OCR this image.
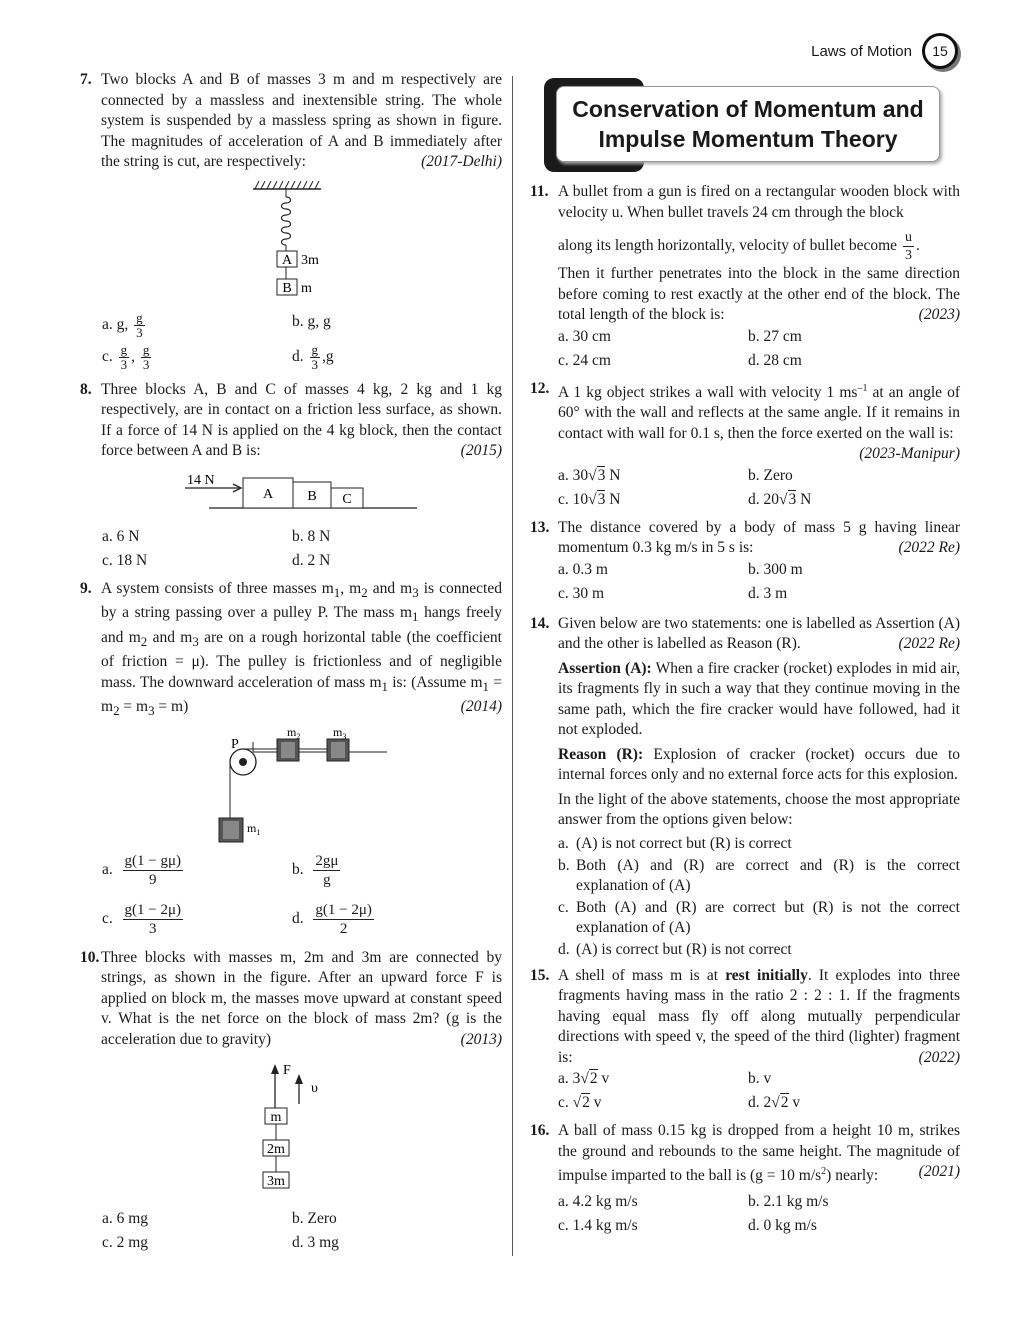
Laws of Motion	15
7. Two blocks A and B of masses 3 m and m respectively are connected by a massless and inextensible string. The whole system is suspended by a massless spring as shown in figure. The magnitudes of acceleration of A and B immediately after the string is cut, are respectively:	(2017-Delhi)
A 3m
B m
a. g, $\frac{g}{3}$	b. g, g
c. $\frac{g}{3}$ , $\frac{g}{3}$	d. $\frac{g}{3} ,g$
8. Three blocks A, B and C of masses 4 kg, 2 kg and 1 kg respectively, are in contact on a friction less surface, as shown. If a force of 14 N is applied on the 4 kg block, then the contact force between A and B is:	(2015)
14 N
A B C
a. 6 N	b. 8 N
c. 18 N	d. 2 N
9. A system consists of three masses $m_1$, $m_2$ and $m_3$ is connected by a string passing over a pulley P. The mass $m_1$ hangs freely and $m_2$ and $m_3$ are on a rough horizontal table (the coefficient of friction = μ). The pulley is frictionless and of negligible mass. The downward acceleration of mass $m_1$ is: (Assume $m_1 = m_2 = m_3 = m$)	(2014)
P
$m_2$	$m_3$
$m_1$
a. $\frac{g(1 - g\mu)}{9}$	b. $\frac{2g\mu}{g}$
c. $\frac{g(1 - 2\mu)}{3}$	d. $\frac{g(1 - 2\mu)}{2}$
10. Three blocks with masses m, 2m and 3m are connected by strings, as shown in the figure. After an upward force F is applied on block m, the masses move upward at constant speed v. What is the net force on the block of mass 2m? (g is the acceleration due to gravity)	(2013)
F
υ
m
2m
3m
a. 6 mg	b. Zero
c. 2 mg	d. 3 mg
Conservation of Momentum and
Impulse Momentum Theory
11. A bullet from a gun is fired on a rectangular wooden block with velocity u. When bullet travels 24 cm through the block

along its length horizontally, velocity of bullet become $\frac{u}{3}$ .
Then it further penetrates into the block in the same direction before coming to rest exactly at the other end of the block. The total length of the block is:	(2023)
a. 30 cm	b. 27 cm
c. 24 cm	d. 28 cm
12. A 1 kg object strikes a wall with velocity 1 $ms^{-1}$ at an angle of 60° with the wall and reflects at the same angle. If it remains in contact with wall for 0.1 s, then the force exerted on the wall is:
(2023-Manipur)
a. 30√3 N	b. Zero
c. 10√3 N	d. 20√3 N
13. The distance covered by a body of mass 5 g having linear momentum 0.3 kg m/s in 5 s is:	(2022 Re)
a. 0.3 m	b. 300 m
c. 30 m	d. 3 m
14. Given below are two statements: one is labelled as Assertion (A) and the other is labelled as Reason (R).	(2022 Re)
Assertion (A): When a fire cracker (rocket) explodes in mid air, its fragments fly in such a way that they continue moving in the same path, which the fire cracker would have followed, had it not exploded.
Reason (R): Explosion of cracker (rocket) occurs due to internal forces only and no external force acts for this explosion.
In the light of the above statements, choose the most appropriate answer from the options given below:
a. (A) is not correct but (R) is correct
b. Both (A) and (R) are correct and (R) is the correct explanation of (A)
c. Both (A) and (R) are correct but (R) is not the correct explanation of (A)
d. (A) is correct but (R) is not correct
15. A shell of mass m is at rest initially. It explodes into three fragments having mass in the ratio 2 : 2 : 1. If the fragments having equal mass fly off along mutually perpendicular directions with speed v, the speed of the third (lighter) fragment is:	(2022)
a. 3√2 v	b. v
c. √2 v	d. 2√2 v
16. A ball of mass 0.15 kg is dropped from a height 10 m, strikes the ground and rebounds to the same height. The magnitude of impulse imparted to the ball is (g = 10 $m/s^2$) nearly:	(2021)
a. 4.2 kg m/s	b. 2.1 kg m/s
c. 1.4 kg m/s	d. 0 kg m/s
